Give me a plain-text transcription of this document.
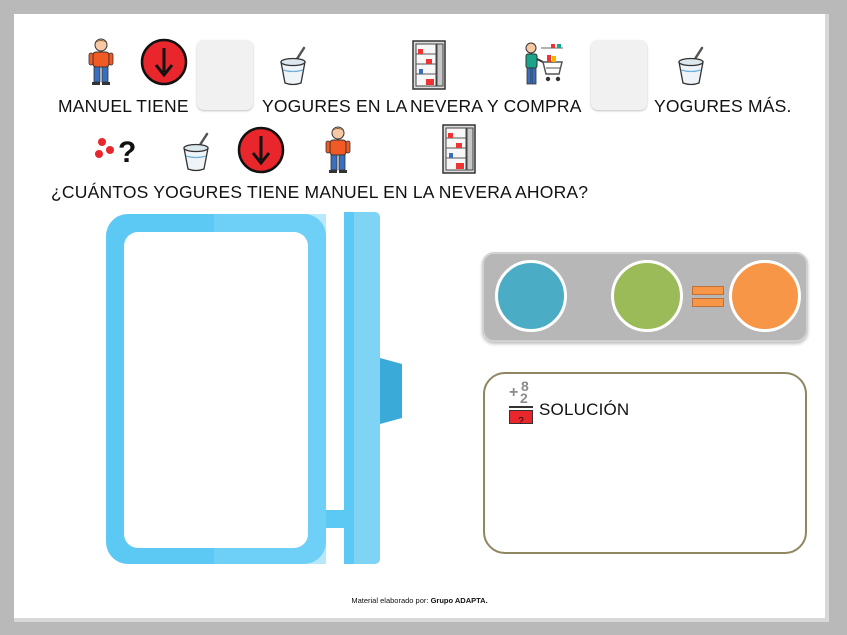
MANUEL TIENE	YOGURES EN LA NEVERA Y COMPRA	YOGURES MÁS.
?
¿CUÁNTOS YOGURES TIENE MANUEL EN LA NEVERA AHORA?
+ 8
2
?
SOLUCIÓN
Material elaborado por: Grupo ADAPTA.
